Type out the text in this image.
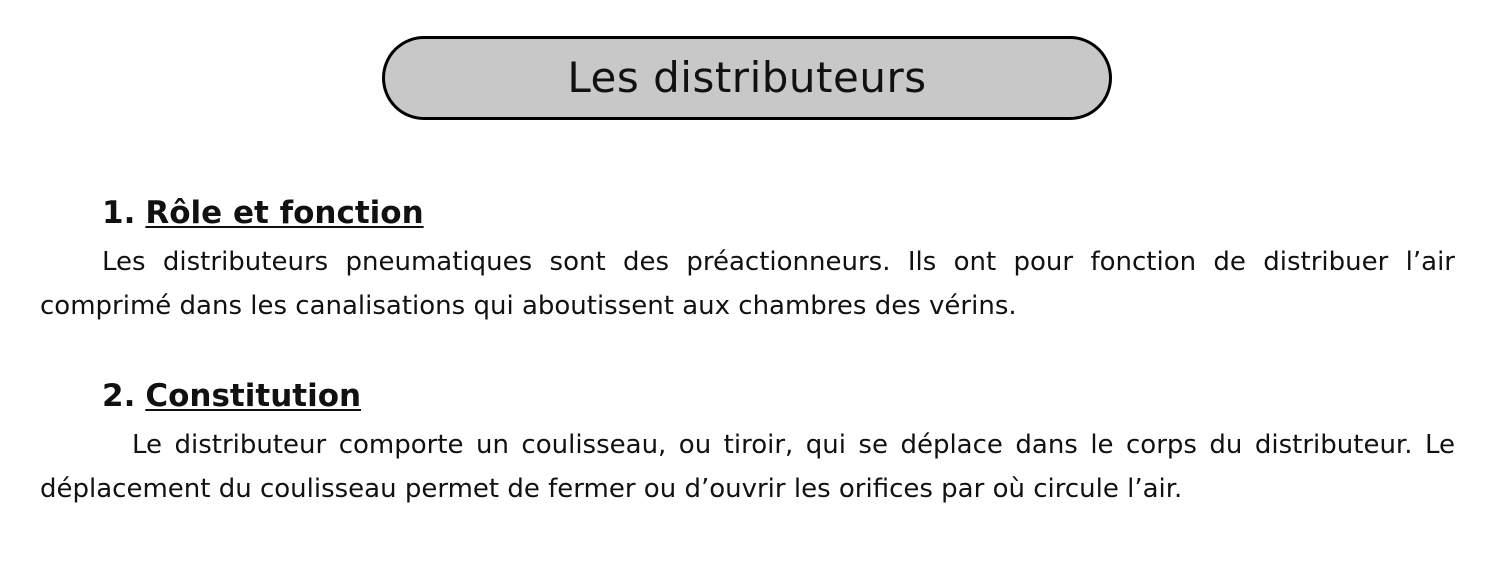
Les distributeurs
1. Rôle et fonction

Les distributeurs pneumatiques sont des préactionneurs. Ils ont pour fonction de distribuer l’air comprimé dans les canalisations qui aboutissent aux chambres des vérins.

2. Constitution

Le distributeur comporte un coulisseau, ou tiroir, qui se déplace dans le corps du distributeur. Le déplacement du coulisseau permet de fermer ou d’ouvrir les orifices par où circule l’air.
